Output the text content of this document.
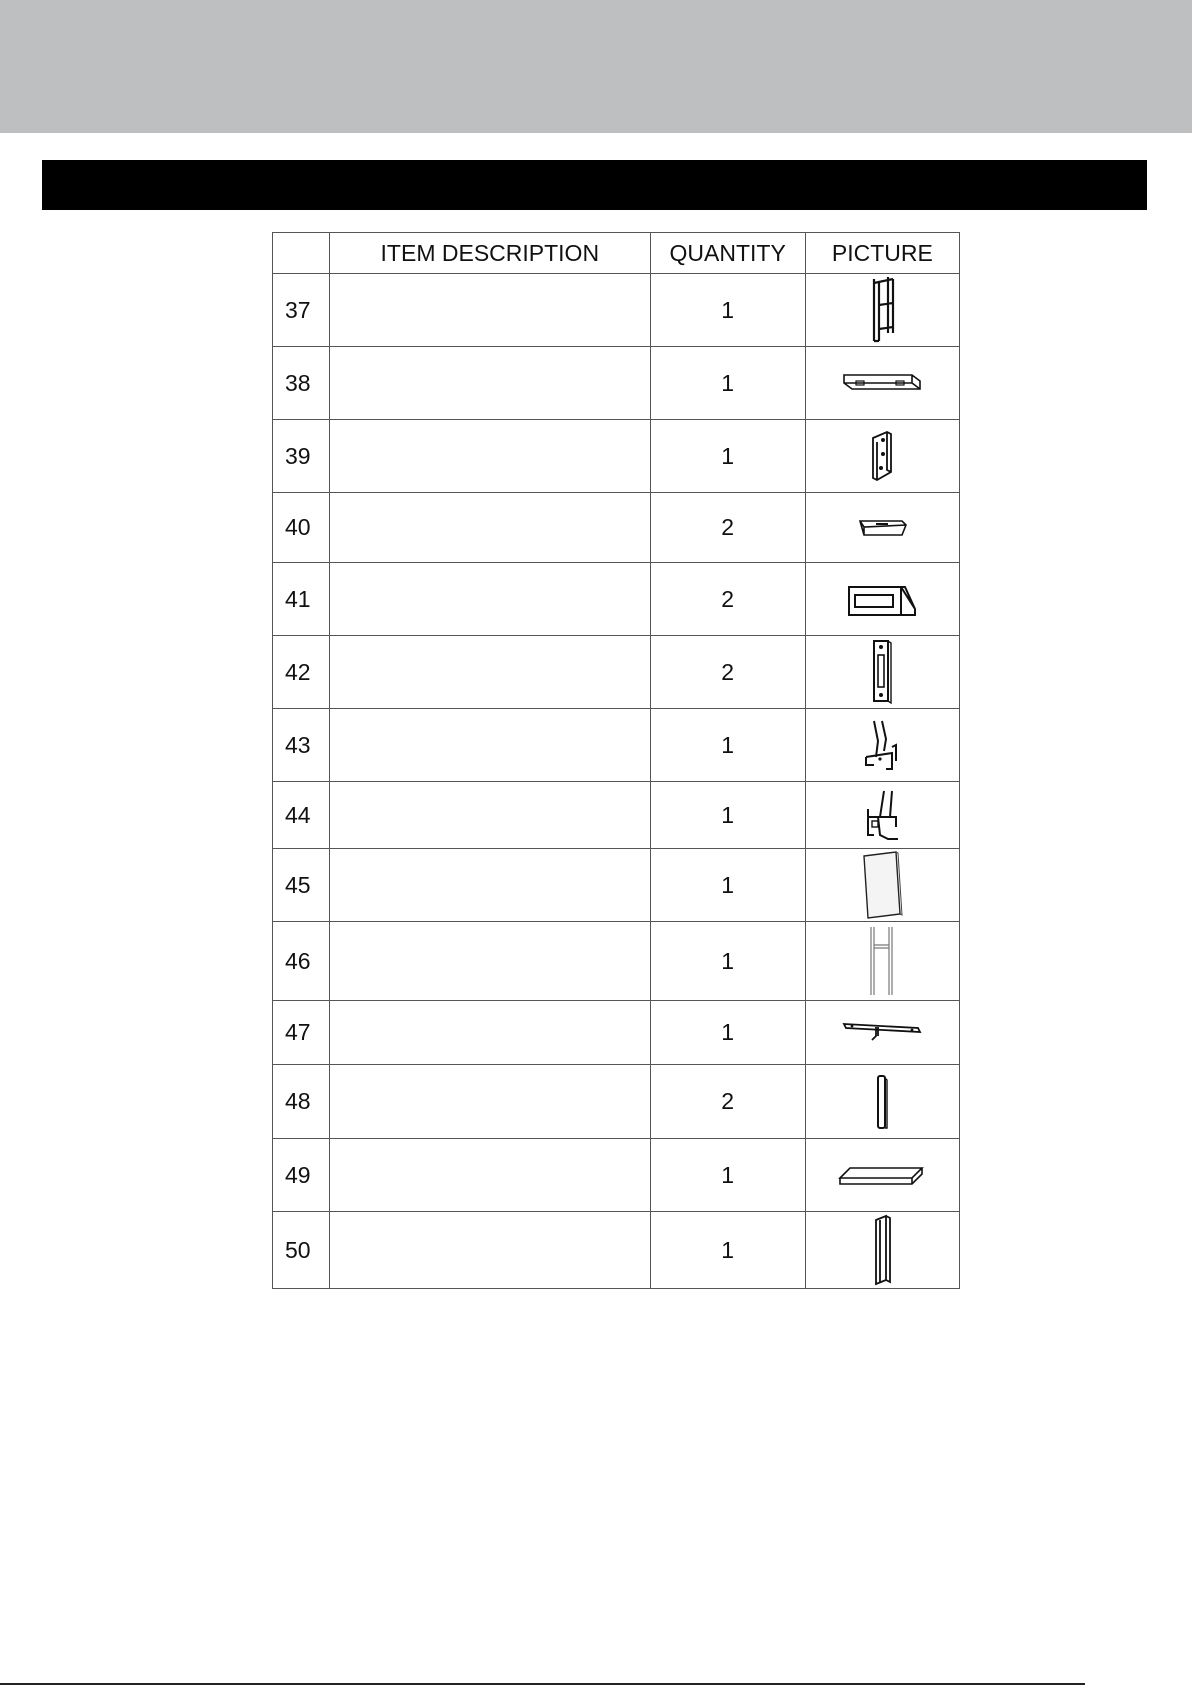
	ITEM DESCRIPTION	QUANTITY	PICTURE
37		1	

38		1	

39		1	

40		2	

41		2	

42		2	

43		1	

44		1	

45		1	

46		1	

47		1	

48		2	

49		1	

50		1	
